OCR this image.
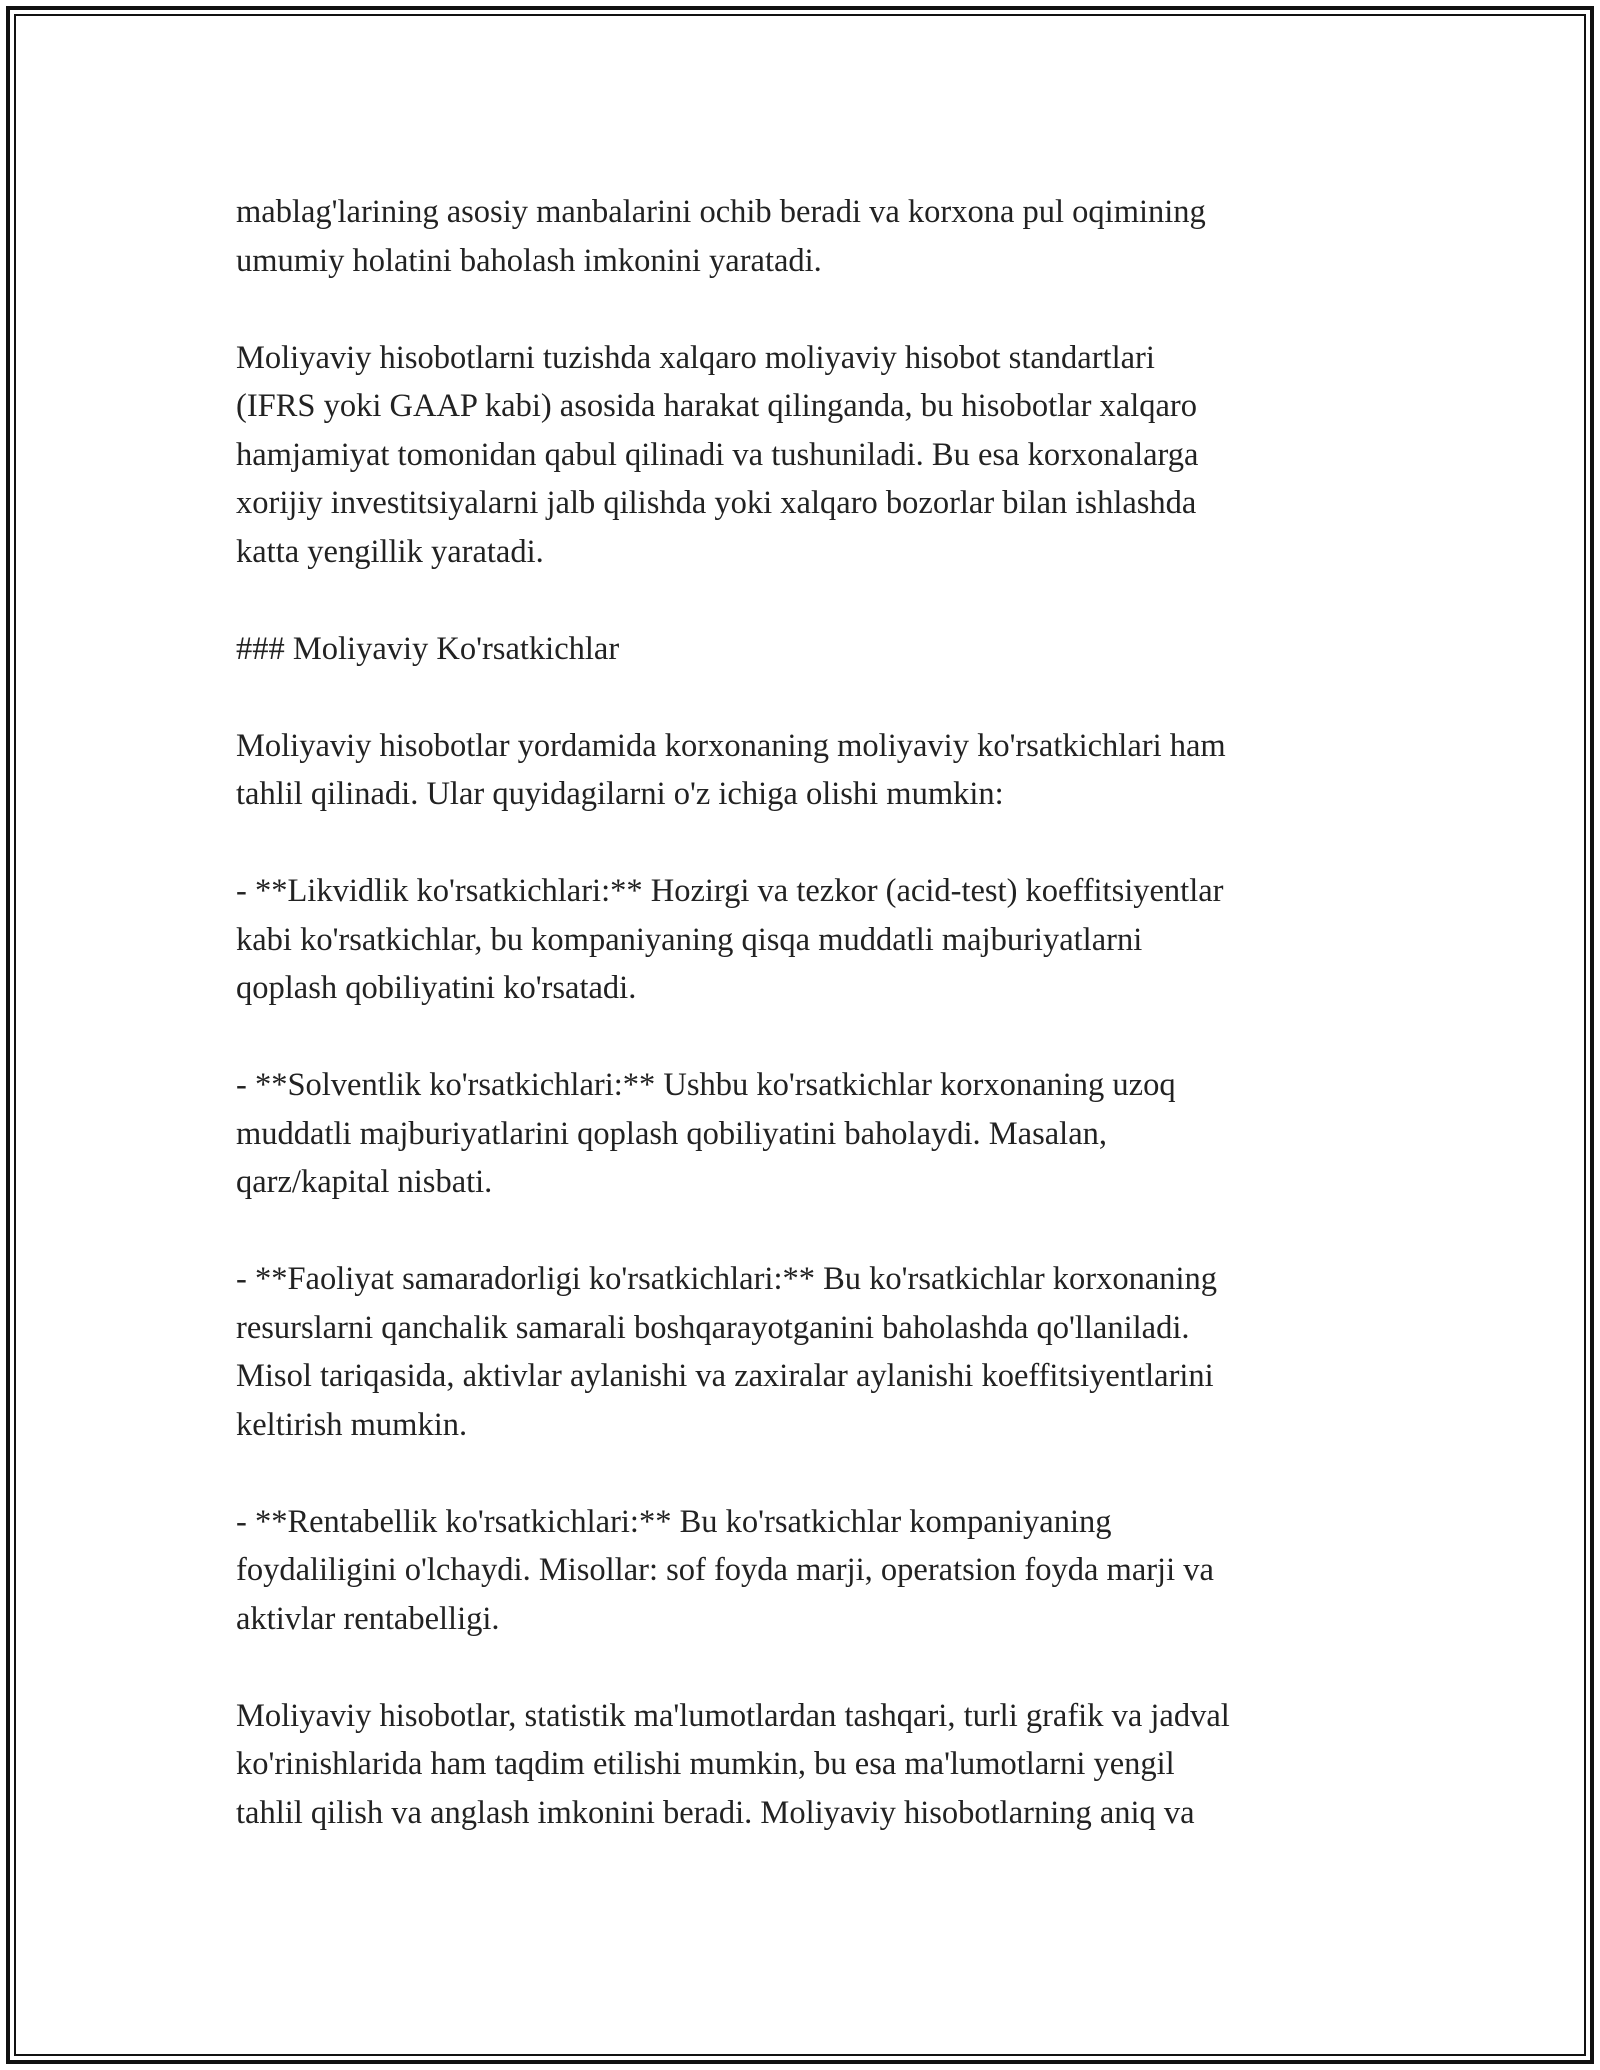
mablag'larining asosiy manbalarini ochib beradi va korxona pul oqimining
umumiy holatini baholash imkonini yaratadi.

Moliyaviy hisobotlarni tuzishda xalqaro moliyaviy hisobot standartlari
(IFRS yoki GAAP kabi) asosida harakat qilinganda, bu hisobotlar xalqaro
hamjamiyat tomonidan qabul qilinadi va tushuniladi. Bu esa korxonalarga
xorijiy investitsiyalarni jalb qilishda yoki xalqaro bozorlar bilan ishlashda
katta yengillik yaratadi.

### Moliyaviy Ko'rsatkichlar

Moliyaviy hisobotlar yordamida korxonaning moliyaviy ko'rsatkichlari ham
tahlil qilinadi. Ular quyidagilarni o'z ichiga olishi mumkin:

- **Likvidlik ko'rsatkichlari:** Hozirgi va tezkor (acid-test) koeffitsiyentlar
kabi ko'rsatkichlar, bu kompaniyaning qisqa muddatli majburiyatlarni
qoplash qobiliyatini ko'rsatadi.

- **Solventlik ko'rsatkichlari:** Ushbu ko'rsatkichlar korxonaning uzoq
muddatli majburiyatlarini qoplash qobiliyatini baholaydi. Masalan,
qarz/kapital nisbati.

- **Faoliyat samaradorligi ko'rsatkichlari:** Bu ko'rsatkichlar korxonaning
resurslarni qanchalik samarali boshqarayotganini baholashda qo'llaniladi.
Misol tariqasida, aktivlar aylanishi va zaxiralar aylanishi koeffitsiyentlarini
keltirish mumkin.

- **Rentabellik ko'rsatkichlari:** Bu ko'rsatkichlar kompaniyaning
foydaliligini o'lchaydi. Misollar: sof foyda marji, operatsion foyda marji va
aktivlar rentabelligi.

Moliyaviy hisobotlar, statistik ma'lumotlardan tashqari, turli grafik va jadval
ko'rinishlarida ham taqdim etilishi mumkin, bu esa ma'lumotlarni yengil
tahlil qilish va anglash imkonini beradi. Moliyaviy hisobotlarning aniq va
